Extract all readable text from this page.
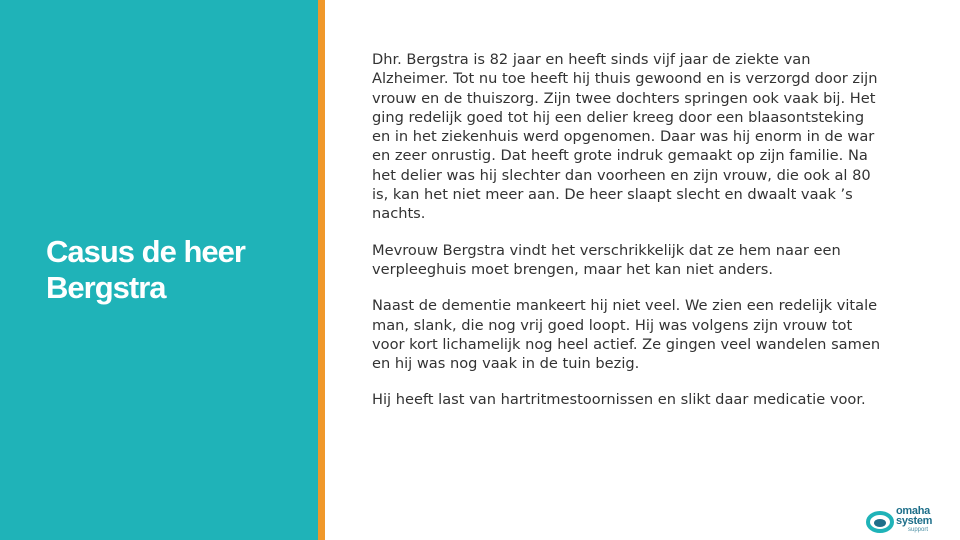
Casus de heer Bergstra

Dhr. Bergstra is 82 jaar en heeft sinds vijf jaar de ziekte van Alzheimer. Tot nu toe heeft hij thuis gewoond en is verzorgd door zijn vrouw en de thuiszorg. Zijn twee dochters springen ook vaak bij. Het ging redelijk goed tot hij een delier kreeg door een blaasontsteking en in het ziekenhuis werd opgenomen. Daar was hij enorm in de war en zeer onrustig. Dat heeft grote indruk gemaakt op zijn familie. Na het delier was hij slechter dan voorheen en zijn vrouw, die ook al 80 is, kan het niet meer aan. De heer slaapt slecht en dwaalt vaak ’s nachts.

Mevrouw Bergstra vindt het verschrikkelijk dat ze hem naar een verpleeghuis moet brengen, maar het kan niet anders.

Naast de dementie mankeert hij niet veel. We zien een redelijk vitale man, slank, die nog vrij goed loopt. Hij was volgens zijn vrouw tot voor kort lichamelijk nog heel actief. Ze gingen veel wandelen samen en hij was nog vaak in de tuin bezig.

Hij heeft last van hartritmestoornissen en slikt daar medicatie voor.

omaha
system
support
